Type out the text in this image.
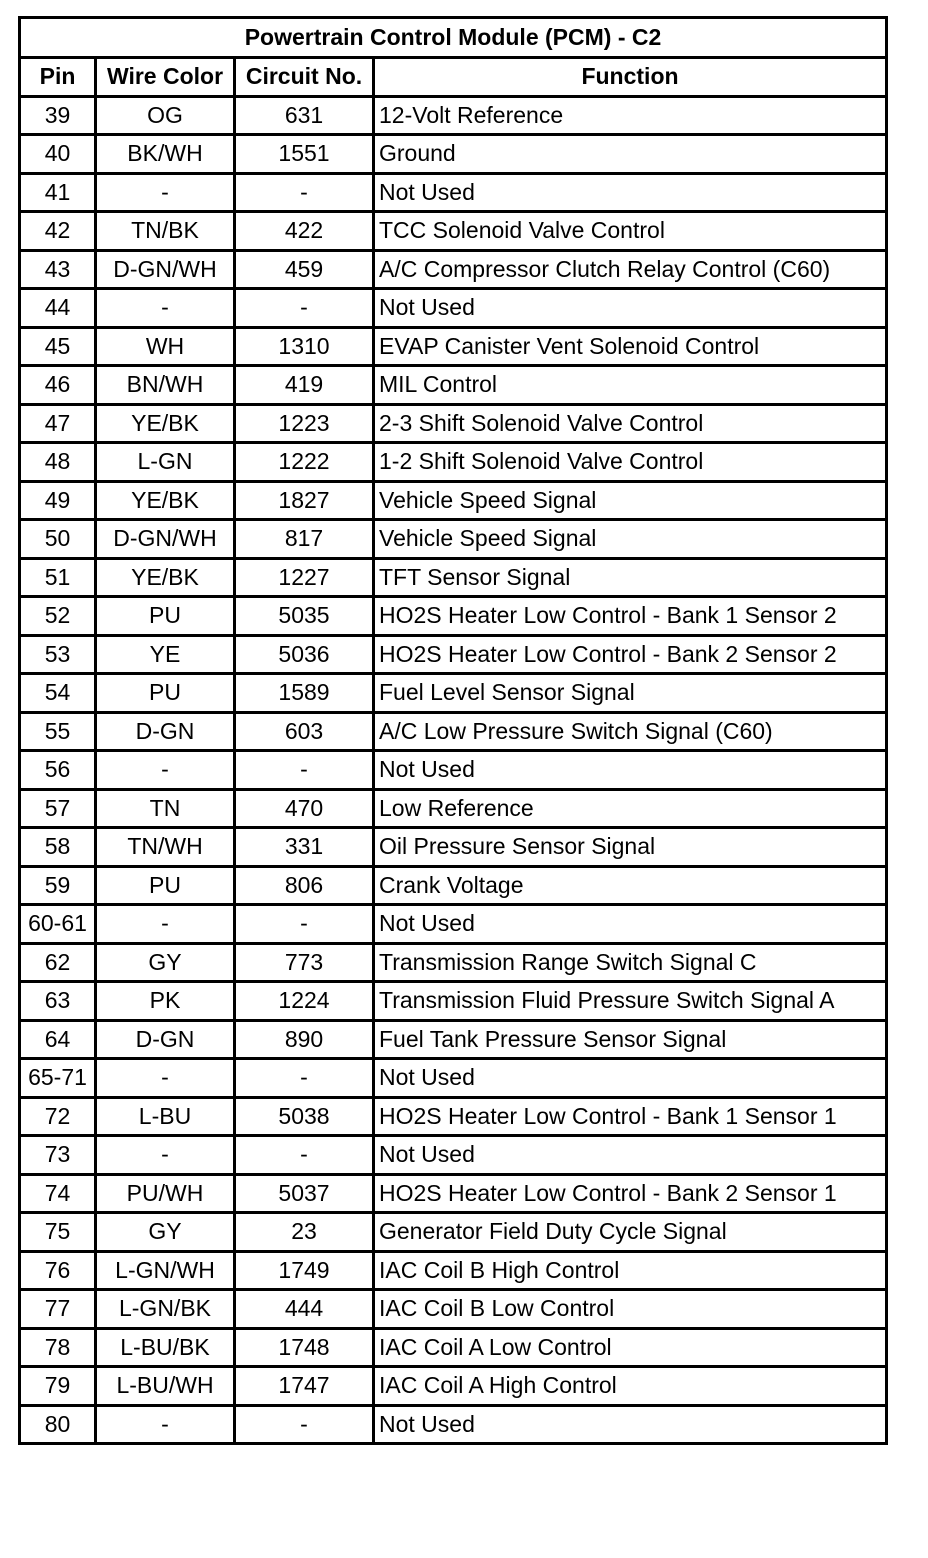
Powertrain Control Module (PCM) - C2			
Pin	Wire Color	Circuit No.	Function
39	OG	631	12-Volt Reference
40	BK/WH	1551	Ground
41	-	-	Not Used
42	TN/BK	422	TCC Solenoid Valve Control
43	D-GN/WH	459	A/C Compressor Clutch Relay Control (C60)
44	-	-	Not Used
45	WH	1310	EVAP Canister Vent Solenoid Control
46	BN/WH	419	MIL Control
47	YE/BK	1223	2-3 Shift Solenoid Valve Control
48	L-GN	1222	1-2 Shift Solenoid Valve Control
49	YE/BK	1827	Vehicle Speed Signal
50	D-GN/WH	817	Vehicle Speed Signal
51	YE/BK	1227	TFT Sensor Signal
52	PU	5035	HO2S Heater Low Control - Bank 1 Sensor 2
53	YE	5036	HO2S Heater Low Control - Bank 2 Sensor 2
54	PU	1589	Fuel Level Sensor Signal
55	D-GN	603	A/C Low Pressure Switch Signal (C60)
56	-	-	Not Used
57	TN	470	Low Reference
58	TN/WH	331	Oil Pressure Sensor Signal
59	PU	806	Crank Voltage
60-61	-	-	Not Used
62	GY	773	Transmission Range Switch Signal C
63	PK	1224	Transmission Fluid Pressure Switch Signal A
64	D-GN	890	Fuel Tank Pressure Sensor Signal
65-71	-	-	Not Used
72	L-BU	5038	HO2S Heater Low Control - Bank 1 Sensor 1
73	-	-	Not Used
74	PU/WH	5037	HO2S Heater Low Control - Bank 2 Sensor 1
75	GY	23	Generator Field Duty Cycle Signal
76	L-GN/WH	1749	IAC Coil B High Control
77	L-GN/BK	444	IAC Coil B Low Control
78	L-BU/BK	1748	IAC Coil A Low Control
79	L-BU/WH	1747	IAC Coil A High Control
80	-	-	Not Used
